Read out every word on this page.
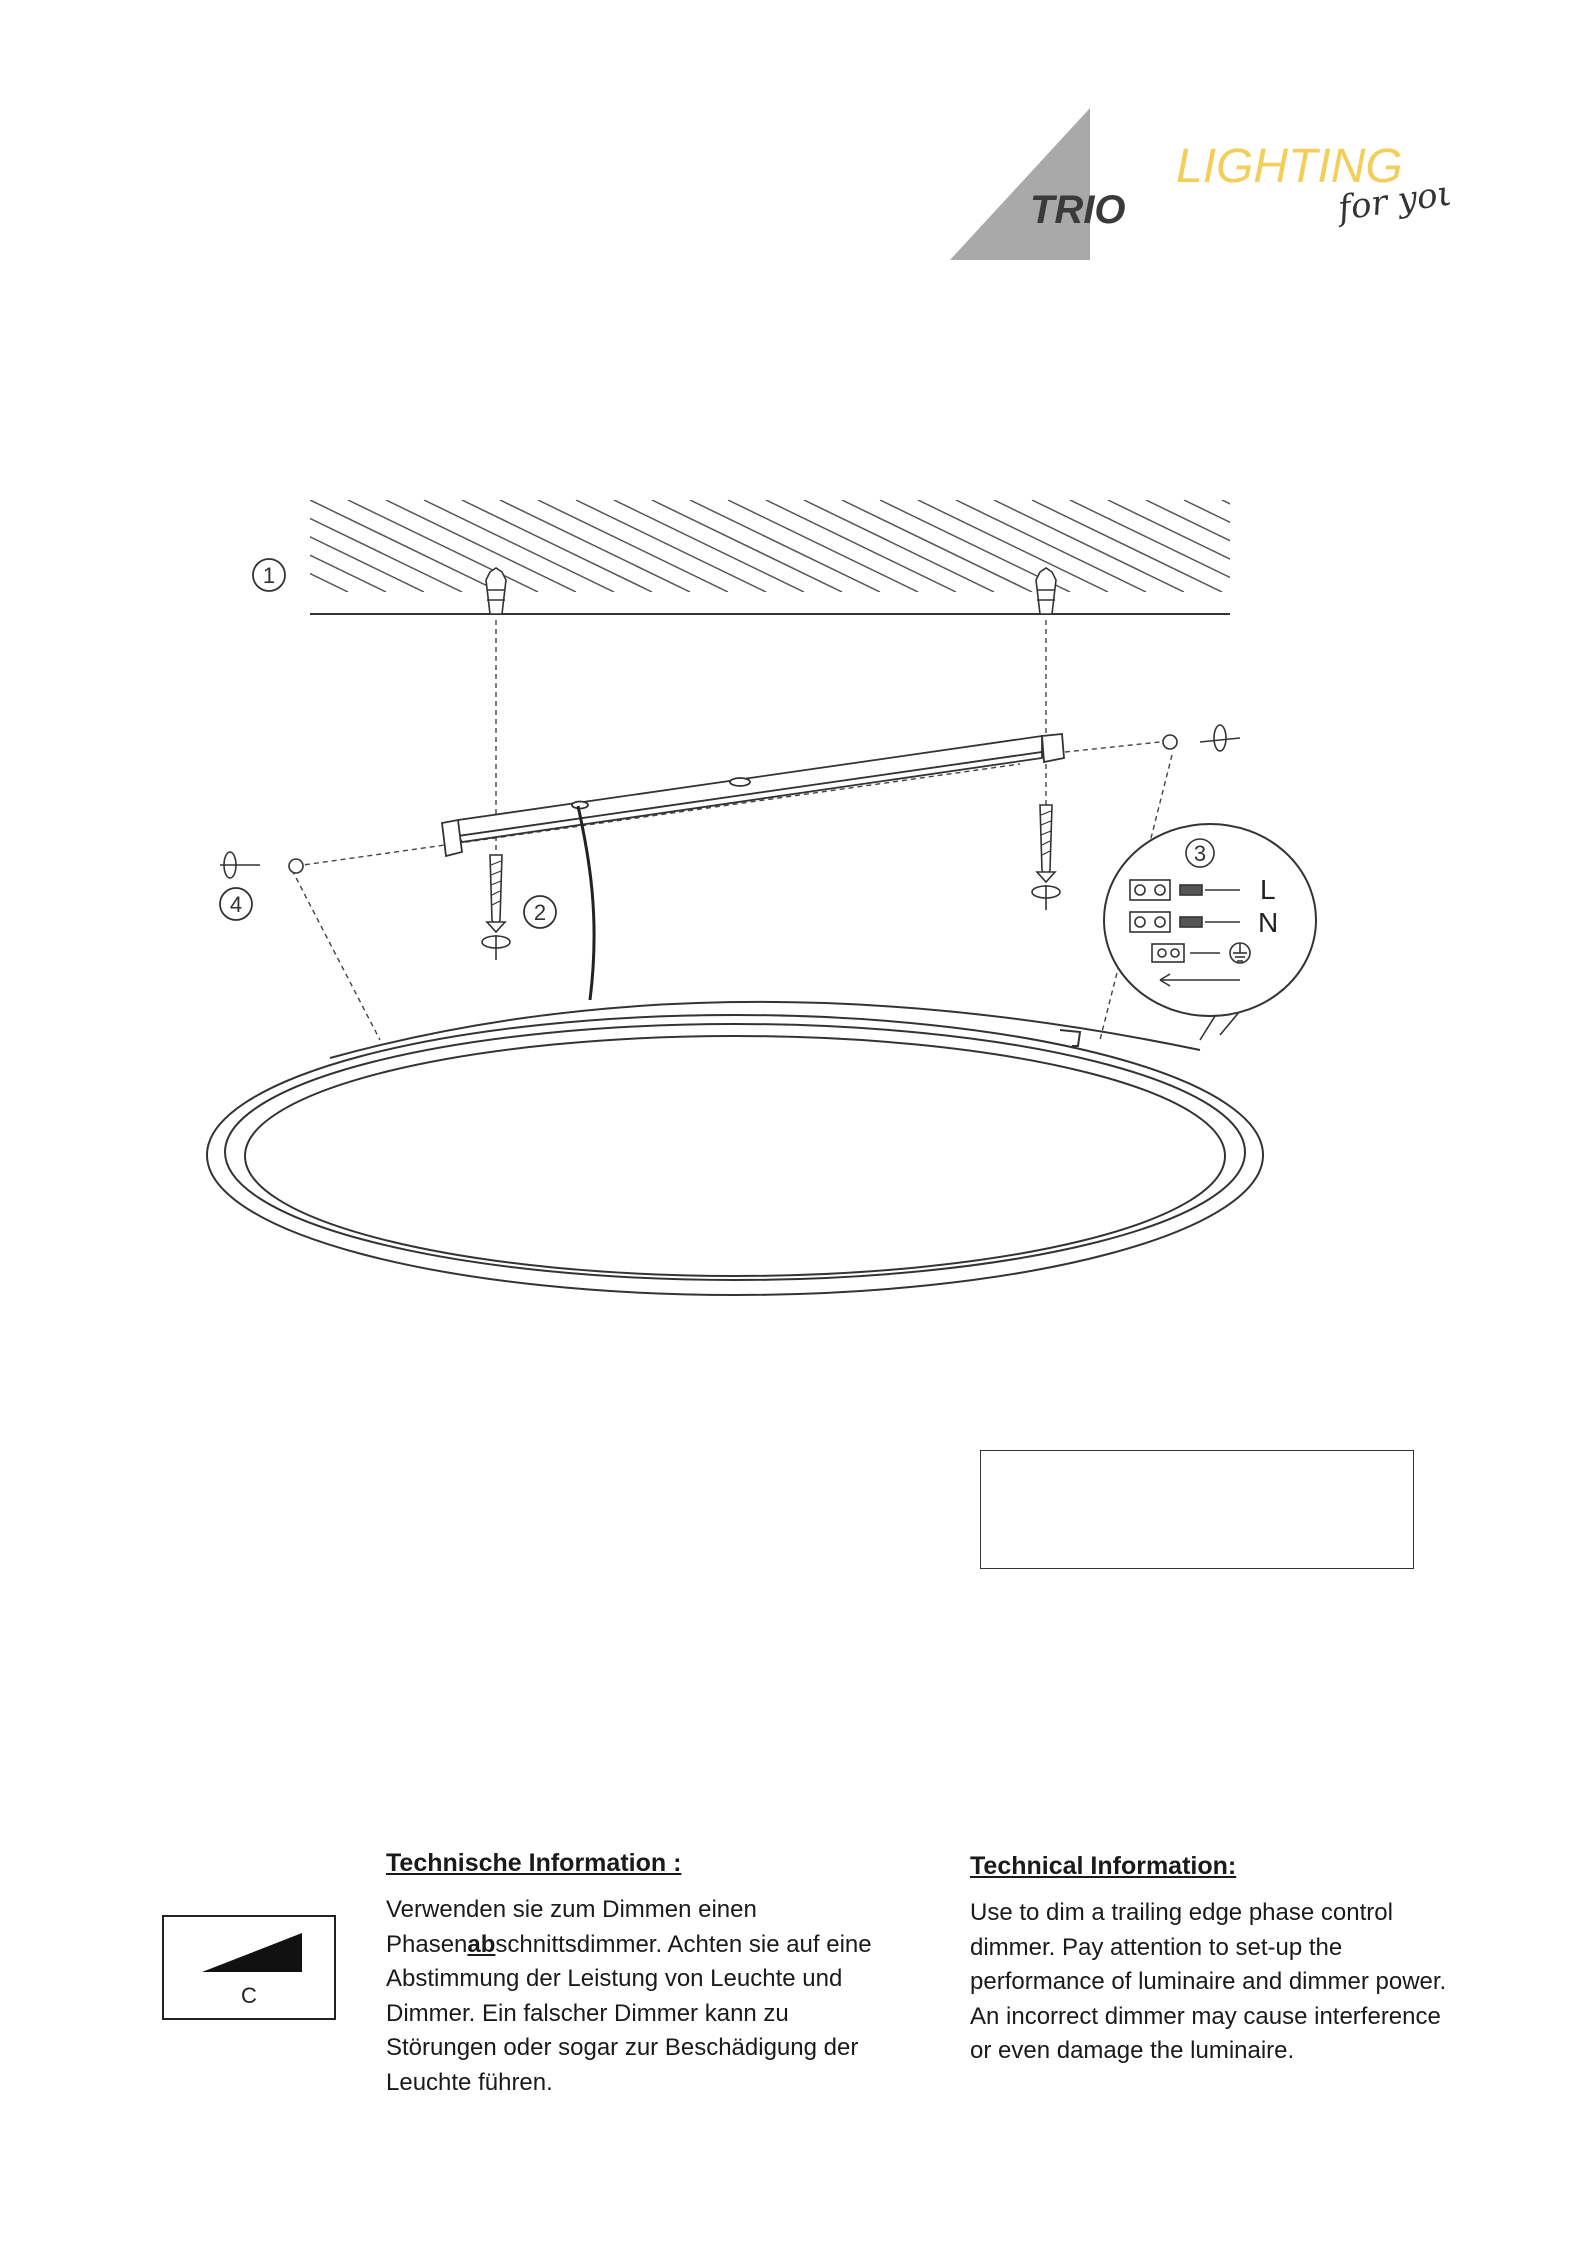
TRIO
LIGHTING
for you
1
2
4
3
L
N
C
Technische Information :
Verwenden sie zum Dimmen einen
Phasenabschnittsdimmer. Achten sie auf eine
Abstimmung der Leistung von Leuchte und
Dimmer. Ein falscher Dimmer kann zu
Störungen oder sogar zur Beschädigung der
Leuchte führen.
Technical Information:
Use to dim a trailing edge phase control
dimmer. Pay attention to set-up the
performance of luminaire and dimmer power.
An incorrect dimmer may cause interference
or even damage the luminaire.
